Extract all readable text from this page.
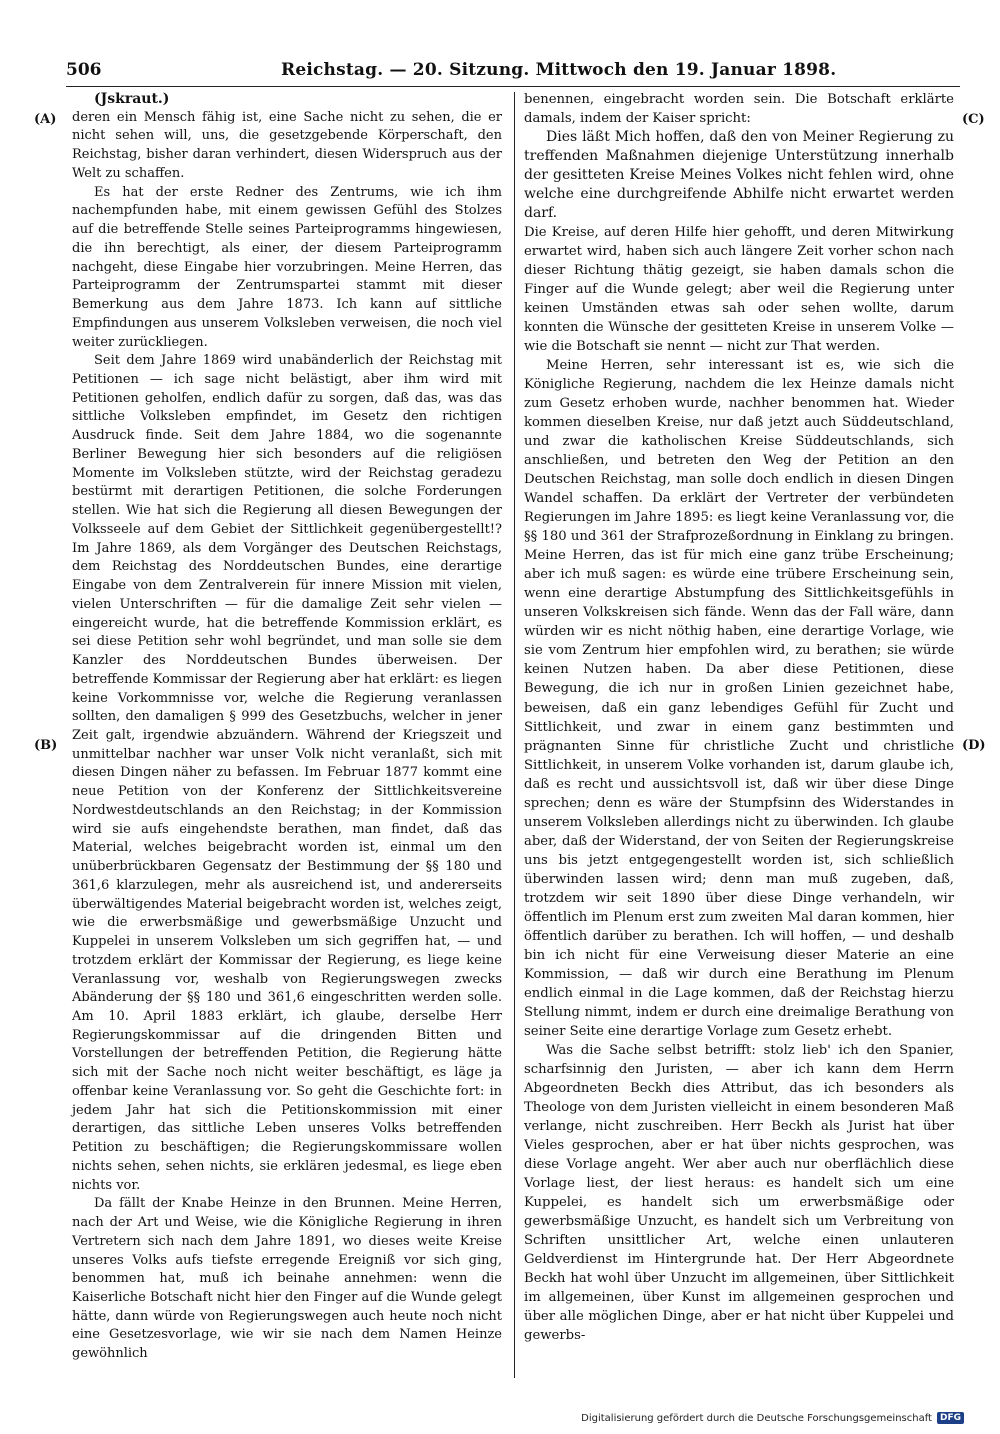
506	Reichstag. — 20. Sitzung. Mittwoch den 19. Januar 1898.
(A)
(B)
(C)
(D)

(Jskraut.)

deren ein Mensch fähig ist, eine Sache nicht zu sehen, die er nicht sehen will, uns, die gesetzgebende Körperschaft, den Reichstag, bisher daran verhindert, diesen Widerspruch aus der Welt zu schaffen.

Es hat der erste Redner des Zentrums, wie ich ihm nachempfunden habe, mit einem gewissen Gefühl des Stolzes auf die betreffende Stelle seines Parteiprogramms hingewiesen, die ihn berechtigt, als einer, der diesem Parteiprogramm nachgeht, diese Eingabe hier vorzubringen. Meine Herren, das Parteiprogramm der Zentrumspartei stammt mit dieser Bemerkung aus dem Jahre 1873. Ich kann auf sittliche Empfindungen aus unserem Volksleben verweisen, die noch viel weiter zurückliegen.

Seit dem Jahre 1869 wird unabänderlich der Reichstag mit Petitionen — ich sage nicht belästigt, aber ihm wird mit Petitionen geholfen, endlich dafür zu sorgen, daß das, was das sittliche Volksleben empfindet, im Gesetz den richtigen Ausdruck finde. Seit dem Jahre 1884, wo die sogenannte Berliner Bewegung hier sich besonders auf die religiösen Momente im Volksleben stützte, wird der Reichstag geradezu bestürmt mit derartigen Petitionen, die solche Forderungen stellen. Wie hat sich die Regierung all diesen Bewegungen der Volksseele auf dem Gebiet der Sittlichkeit gegenübergestellt!? Im Jahre 1869, als dem Vorgänger des Deutschen Reichstags, dem Reichstag des Norddeutschen Bundes, eine derartige Eingabe von dem Zentralverein für innere Mission mit vielen, vielen Unterschriften — für die damalige Zeit sehr vielen — eingereicht wurde, hat die betreffende Kommission erklärt, es sei diese Petition sehr wohl begründet, und man solle sie dem Kanzler des Norddeutschen Bundes überweisen. Der betreffende Kommissar der Regierung aber hat erklärt: es liegen keine Vorkommnisse vor, welche die Regierung veranlassen sollten, den damaligen § 999 des Gesetzbuchs, welcher in jener Zeit galt, irgendwie abzuändern. Während der Kriegszeit und unmittelbar nachher war unser Volk nicht veranlaßt, sich mit diesen Dingen näher zu befassen. Im Februar 1877 kommt eine neue Petition von der Konferenz der Sittlichkeitsvereine Nordwestdeutschlands an den Reichstag; in der Kommission wird sie aufs eingehendste berathen, man findet, daß das Material, welches beigebracht worden ist, einmal um den unüberbrückbaren Gegensatz der Bestimmung der §§ 180 und 361,6 klarzulegen, mehr als ausreichend ist, und andererseits überwältigendes Material beigebracht worden ist, welches zeigt, wie die erwerbsmäßige und gewerbsmäßige Unzucht und Kuppelei in unserem Volksleben um sich gegriffen hat, — und trotzdem erklärt der Kommissar der Regierung, es liege keine Veranlassung vor, weshalb von Regierungswegen zwecks Abänderung der §§ 180 und 361,6 eingeschritten werden solle. Am 10. April 1883 erklärt, ich glaube, derselbe Herr Regierungskommissar auf die dringenden Bitten und Vorstellungen der betreffenden Petition, die Regierung hätte sich mit der Sache noch nicht weiter beschäftigt, es läge ja offenbar keine Veranlassung vor. So geht die Geschichte fort: in jedem Jahr hat sich die Petitionskommission mit einer derartigen, das sittliche Leben unseres Volks betreffenden Petition zu beschäftigen; die Regierungskommissare wollen nichts sehen, sehen nichts, sie erklären jedesmal, es liege eben nichts vor.

Da fällt der Knabe Heinze in den Brunnen. Meine Herren, nach der Art und Weise, wie die Königliche Regierung in ihren Vertretern sich nach dem Jahre 1891, wo dieses weite Kreise unseres Volks aufs tiefste erregende Ereigniß vor sich ging, benommen hat, muß ich beinahe annehmen: wenn die Kaiserliche Botschaft nicht hier den Finger auf die Wunde gelegt hätte, dann würde von Regierungswegen auch heute noch nicht eine Gesetzesvorlage, wie wir sie nach dem Namen Heinze gewöhnlich

benennen, eingebracht worden sein. Die Botschaft erklärte damals, indem der Kaiser spricht:

Dies läßt Mich hoffen, daß den von Meiner Regierung zu treffenden Maßnahmen diejenige Unterstützung innerhalb der gesitteten Kreise Meines Volkes nicht fehlen wird, ohne welche eine durchgreifende Abhilfe nicht erwartet werden darf.

Die Kreise, auf deren Hilfe hier gehofft, und deren Mitwirkung erwartet wird, haben sich auch längere Zeit vorher schon nach dieser Richtung thätig gezeigt, sie haben damals schon die Finger auf die Wunde gelegt; aber weil die Regierung unter keinen Umständen etwas sah oder sehen wollte, darum konnten die Wünsche der gesitteten Kreise in unserem Volke — wie die Botschaft sie nennt — nicht zur That werden.

Meine Herren, sehr interessant ist es, wie sich die Königliche Regierung, nachdem die lex Heinze damals nicht zum Gesetz erhoben wurde, nachher benommen hat. Wieder kommen dieselben Kreise, nur daß jetzt auch Süddeutschland, und zwar die katholischen Kreise Süddeutschlands, sich anschließen, und betreten den Weg der Petition an den Deutschen Reichstag, man solle doch endlich in diesen Dingen Wandel schaffen. Da erklärt der Vertreter der verbündeten Regierungen im Jahre 1895: es liegt keine Veranlassung vor, die §§ 180 und 361 der Strafprozeßordnung in Einklang zu bringen. Meine Herren, das ist für mich eine ganz trübe Erscheinung; aber ich muß sagen: es würde eine trübere Erscheinung sein, wenn eine derartige Abstumpfung des Sittlichkeitsgefühls in unseren Volkskreisen sich fände. Wenn das der Fall wäre, dann würden wir es nicht nöthig haben, eine derartige Vorlage, wie sie vom Zentrum hier empfohlen wird, zu berathen; sie würde keinen Nutzen haben. Da aber diese Petitionen, diese Bewegung, die ich nur in großen Linien gezeichnet habe, beweisen, daß ein ganz lebendiges Gefühl für Zucht und Sittlichkeit, und zwar in einem ganz bestimmten und prägnanten Sinne für christliche Zucht und christliche Sittlichkeit, in unserem Volke vorhanden ist, darum glaube ich, daß es recht und aussichtsvoll ist, daß wir über diese Dinge sprechen; denn es wäre der Stumpfsinn des Widerstandes in unserem Volksleben allerdings nicht zu überwinden. Ich glaube aber, daß der Widerstand, der von Seiten der Regierungskreise uns bis jetzt entgegengestellt worden ist, sich schließlich überwinden lassen wird; denn man muß zugeben, daß, trotzdem wir seit 1890 über diese Dinge verhandeln, wir öffentlich im Plenum erst zum zweiten Mal daran kommen, hier öffentlich darüber zu berathen. Ich will hoffen, — und deshalb bin ich nicht für eine Verweisung dieser Materie an eine Kommission, — daß wir durch eine Berathung im Plenum endlich einmal in die Lage kommen, daß der Reichstag hierzu Stellung nimmt, indem er durch eine dreimalige Berathung von seiner Seite eine derartige Vorlage zum Gesetz erhebt.

Was die Sache selbst betrifft: stolz lieb' ich den Spanier, scharfsinnig den Juristen, — aber ich kann dem Herrn Abgeordneten Beckh dies Attribut, das ich besonders als Theologe von dem Juristen vielleicht in einem besonderen Maß verlange, nicht zuschreiben. Herr Beckh als Jurist hat über Vieles gesprochen, aber er hat über nichts gesprochen, was diese Vorlage angeht. Wer aber auch nur oberflächlich diese Vorlage liest, der liest heraus: es handelt sich um eine Kuppelei, es handelt sich um erwerbsmäßige oder gewerbsmäßige Unzucht, es handelt sich um Verbreitung von Schriften unsittlicher Art, welche einen unlauteren Geldverdienst im Hintergrunde hat. Der Herr Abgeordnete Beckh hat wohl über Unzucht im allgemeinen, über Sittlichkeit im allgemeinen, über Kunst im allgemeinen gesprochen und über alle möglichen Dinge, aber er hat nicht über Kuppelei und gewerbs-

Digitalisierung gefördert durch die Deutsche Forschungsgemeinschaft DFG
